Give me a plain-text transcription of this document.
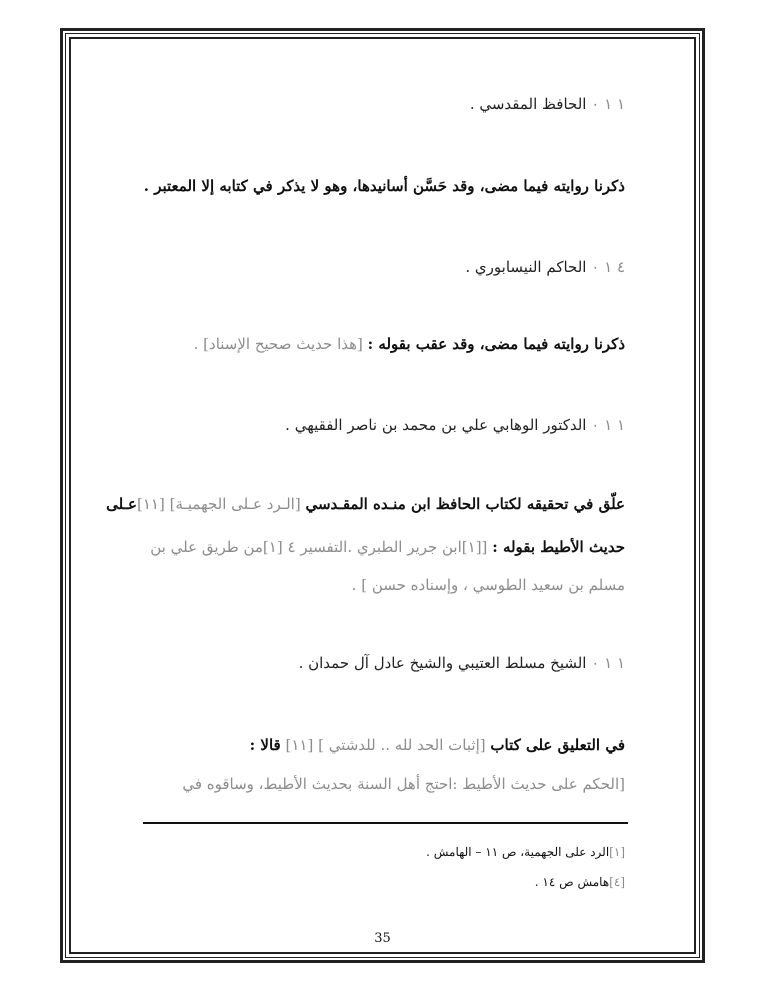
١ ١ ٠ الحافظ المقدسي .
ذكرنا روايته فيما مضى، وقد حَسَّن أسانيدها، وهو لا يذكر في كتابه إلا المعتبر .
٤ ١ ٠ الحاكم النيسابوري .
ذكرنا روايته فيما مضى، وقد عقب بقوله : [هذا حديث صحيح الإسناد] .
١ ١ ٠ الدكتور الوهابي علي بن محمد بن ناصر الفقيهي .
علّق في تحقيقه لكتاب الحافظ ابن منـده المقـدسي [الـرد عـلى الجهميـة] [١١]عـلى
حديث الأطيط بقوله : [[١]ابن جرير الطبري .التفسير ٤ [١]من طريق علي بن
مسلم بن سعيد الطوسي ، وإسناده حسن ] .
١ ١ ٠ الشيخ مسلط العتيبي والشيخ عادل آل حمدان .
في التعليق على كتاب [إثبات الحد لله .. للدشتي ] [١١] قالا :
[الحكم على حديث الأطيط :احتج أهل السنة بحديث الأطيط، وساقوه في
[١]الرد على الجهمية، ص ١١ – الهامش .
[٤]هامش ص ١٤ .
35
